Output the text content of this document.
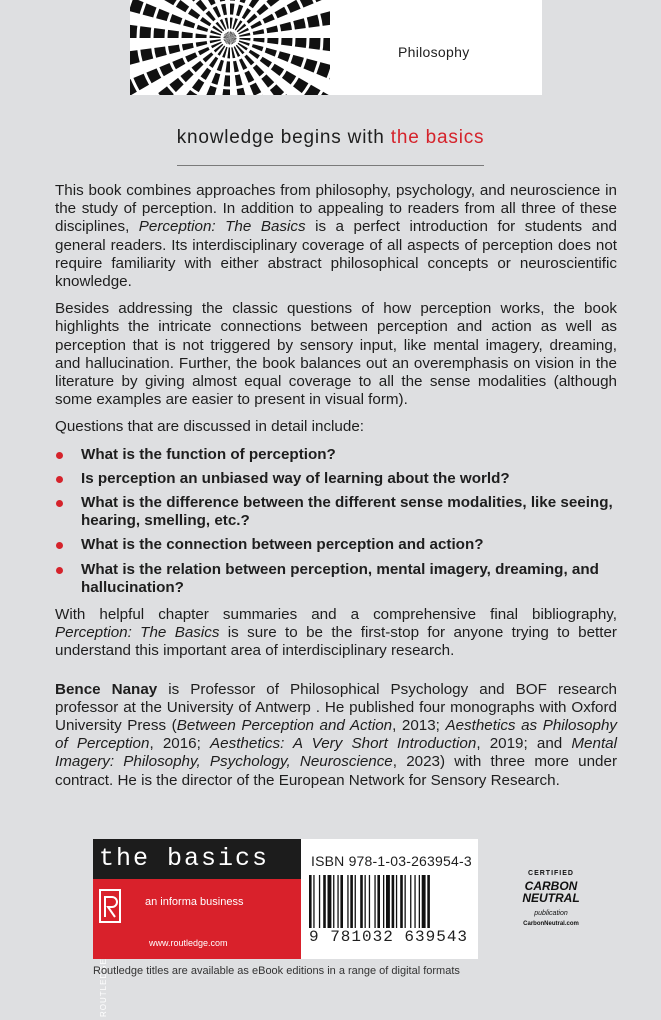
Philosophy
knowledge begins with the basics

This book combines approaches from philosophy, psychology, and neuroscience in the study of perception. In addition to appealing to readers from all three of these disciplines, Perception: The Basics is a perfect introduction for students and general readers. Its interdisciplinary coverage of all aspects of perception does not require familiarity with either abstract philosophical concepts or neuroscientific knowledge.

Besides addressing the classic questions of how perception works, the book highlights the intricate connections between perception and action as well as perception that is not triggered by sensory input, like mental imagery, dreaming, and hallucination. Further, the book balances out an overemphasis on vision in the literature by giving almost equal coverage to all the sense modalities (although some examples are easier to present in visual form).

Questions that are discussed in detail include:

What is the function of perception?
Is perception an unbiased way of learning about the world?
What is the difference between the different sense modalities, like seeing, hearing, smelling, etc.?
What is the connection between perception and action?
What is the relation between perception, mental imagery, dreaming, and hallucination?

With helpful chapter summaries and a comprehensive final bibliography, Perception: The Basics is sure to be the first-stop for anyone trying to better understand this important area of interdisciplinary research.

Bence Nanay is Professor of Philosophical Psychology and BOF research professor at the University of Antwerp . He published four monographs with Oxford University Press (Between Perception and Action, 2013; Aesthetics as Philosophy of Perception, 2016; Aesthetics: A Very Short Introduction, 2019; and Mental Imagery: Philosophy, Psychology, Neuroscience, 2023) with three more under contract. He is the director of the European Network for Sensory Research.

the basics
ROUTLEDGE
an informa business
www.routledge.com
ISBN 978-1-03-263954-3
9 781032 639543
CERTIFIED
CARBON
NEUTRAL
publication
CarbonNeutral.com
Routledge titles are available as eBook editions in a range of digital formats
